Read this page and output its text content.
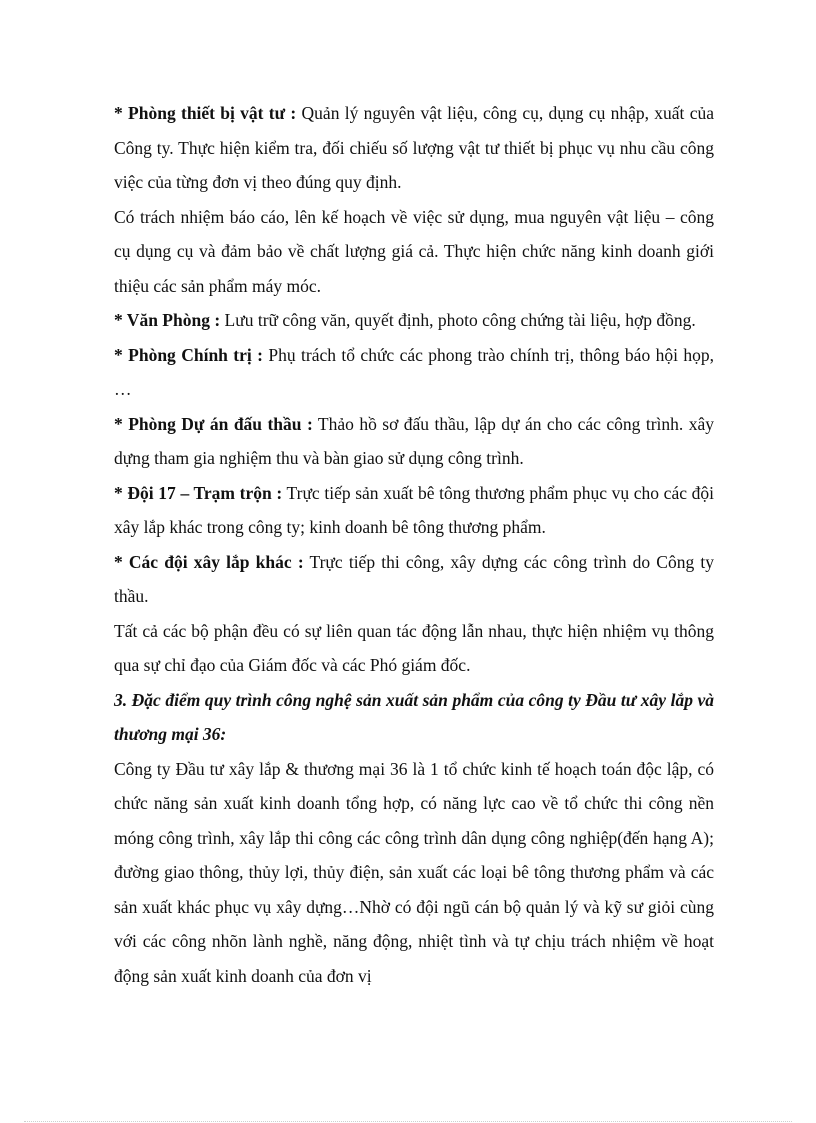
* Phòng thiết bị vật tư : Quản lý nguyên vật liệu, công cụ, dụng cụ nhập, xuất của Công ty. Thực hiện kiểm tra, đối chiếu số lượng vật tư thiết bị phục vụ nhu cầu công việc của từng đơn vị theo đúng quy định.

Có trách nhiệm báo cáo, lên kế hoạch về việc sử dụng, mua nguyên vật liệu – công cụ dụng cụ và đảm bảo về chất lượng giá cả. Thực hiện chức năng kinh doanh giới thiệu các sản phẩm máy móc.

* Văn Phòng : Lưu trữ công văn, quyết định, photo công chứng tài liệu, hợp đồng.

* Phòng Chính trị : Phụ trách tổ chức các phong trào chính trị, thông báo hội họp, …

* Phòng Dự án đấu thầu : Thảo hồ sơ đấu thầu, lập dự án cho các công trình. xây dựng tham gia nghiệm thu và bàn giao sử dụng công trình.

* Đội 17 – Trạm trộn : Trực tiếp sản xuất bê tông thương phẩm phục vụ cho các đội xây lắp khác trong công ty; kinh doanh bê tông thương phẩm.

* Các đội xây lắp khác : Trực tiếp thi công, xây dựng các công trình do Công ty thầu.

Tất cả các bộ phận đều có sự liên quan tác động lẫn nhau, thực hiện nhiệm vụ thông qua sự chỉ đạo của Giám đốc và các Phó giám đốc.

3. Đặc điểm quy trình công nghệ sản xuất sản phẩm của công ty Đầu tư xây lắp và thương mại 36:

Công ty Đầu tư xây lắp & thương mại 36 là 1 tổ chức kinh tế hoạch toán độc lập, có chức năng sản xuất kinh doanh tổng hợp, có năng lực cao về tổ chức thi công nền móng công trình, xây lắp thi công các công trình dân dụng công nghiệp(đến hạng A); đường giao thông, thủy lợi, thủy điện, sản xuất các loại bê tông thương phẩm và các sản xuất khác phục vụ xây dựng…Nhờ có đội ngũ cán bộ quản lý và kỹ sư giỏi cùng với các công nhõn lành nghề, năng động, nhiệt tình và tự chịu trách nhiệm về hoạt động sản xuất kinh doanh của đơn vị
